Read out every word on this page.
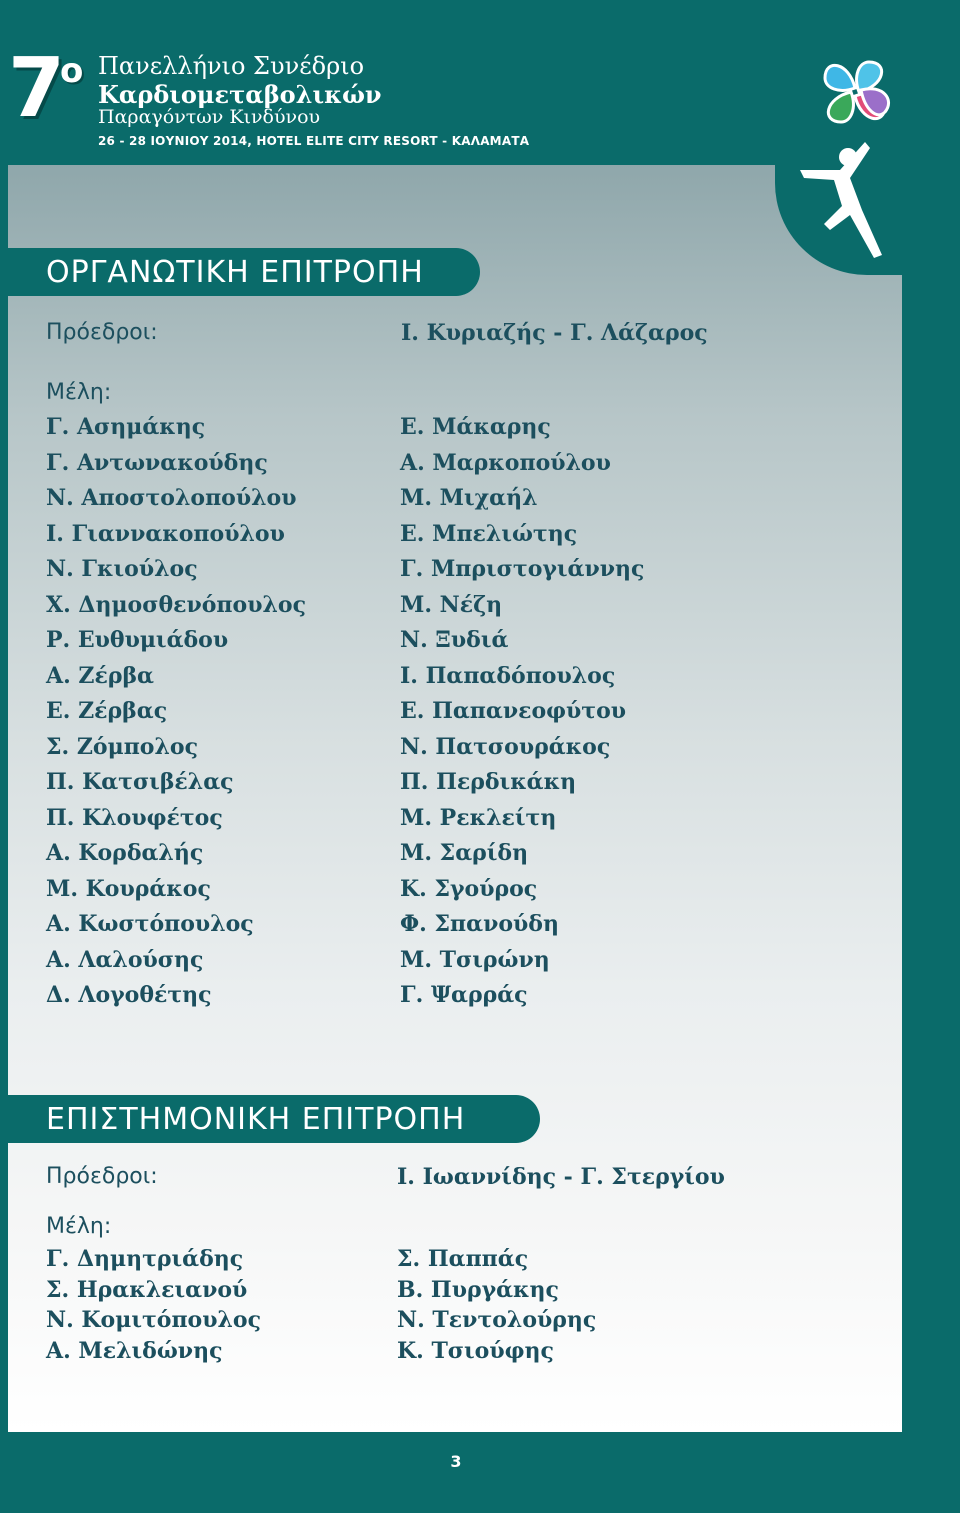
7
ο Πανελλήνιο Συνέδριο
Καρδιομεταβολικών
Παραγόντων Κινδύνου
26 - 28 ΙΟΥΝΙΟΥ 2014, HOTEL ELITE CITY RESORT - ΚΑΛΑΜΑΤΑ
ΟΡΓΑΝΩΤΙΚΗ ΕΠΙΤΡΟΠΗ
Πρόεδροι:	Ι. Κυριαζής - Γ. Λάζαρος
Μέλη:
Γ. Ασημάκης
Γ. Αντωνακούδης
Ν. Αποστολοπούλου
Ι. Γιαννακοπούλου
Ν. Γκιούλος
Χ. Δημοσθενόπουλος
Ρ. Ευθυμιάδου
Α. Ζέρβα
Ε. Ζέρβας
Σ. Ζόμπολος
Π. Κατσιβέλας
Π. Κλουφέτος
Α. Κορδαλής
Μ. Κουράκος
Α. Κωστόπουλος
Α. Λαλούσης
Δ. Λογοθέτης
Ε. Μάκαρης
Α. Μαρκοπούλου
Μ. Μιχαήλ
Ε. Μπελιώτης
Γ. Μπριστογιάννης
Μ. Νέζη
Ν. Ξυδιά
Ι. Παπαδόπουλος
Ε. Παπανεοφύτου
Ν. Πατσουράκος
Π. Περδικάκη
Μ. Ρεκλείτη
Μ. Σαρίδη
Κ. Σγούρος
Φ. Σπανούδη
Μ. Τσιρώνη
Γ. Ψαρράς
ΕΠΙΣΤΗΜΟΝΙΚΗ ΕΠΙΤΡΟΠΗ
Πρόεδροι:	Ι. Ιωαννίδης - Γ. Στεργίου
Μέλη:
Γ. Δημητριάδης
Σ. Ηρακλειανού
Ν. Κομιτόπουλος
Α. Μελιδώνης
Σ. Παππάς
Β. Πυργάκης
Ν. Τεντολούρης
Κ. Τσιούφης
3
